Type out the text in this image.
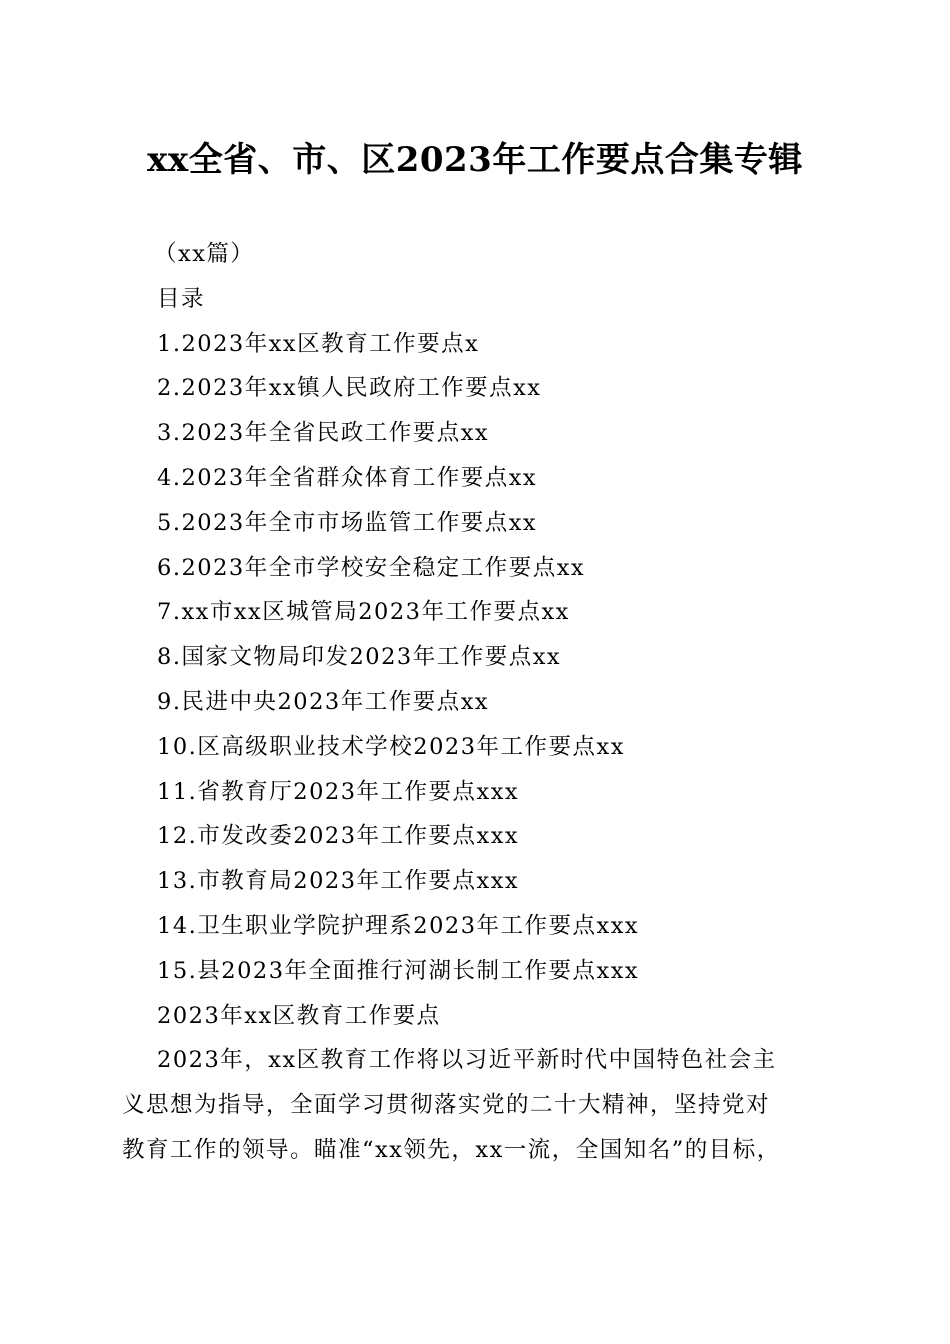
xx全省、市、区2023年工作要点合集专辑
（xx篇）
目录
1.2023年xx区教育工作要点x
2.2023年xx镇人民政府工作要点xx
3.2023年全省民政工作要点xx
4.2023年全省群众体育工作要点xx
5.2023年全市市场监管工作要点xx
6.2023年全市学校安全稳定工作要点xx
7.xx市xx区城管局2023年工作要点xx
8.国家文物局印发2023年工作要点xx
9.民进中央2023年工作要点xx
10.区高级职业技术学校2023年工作要点xx
11.省教育厅2023年工作要点xxx
12.市发改委2023年工作要点xxx
13.市教育局2023年工作要点xxx
14.卫生职业学院护理系2023年工作要点xxx
15.县2023年全面推行河湖长制工作要点xxx
2023年xx区教育工作要点
2023年，xx区教育工作将以习近平新时代中国特色社会主
义思想为指导，全面学习贯彻落实党的二十大精神，坚持党对
教育工作的领导。瞄准“xx领先，xx一流，全国知名”的目标，
